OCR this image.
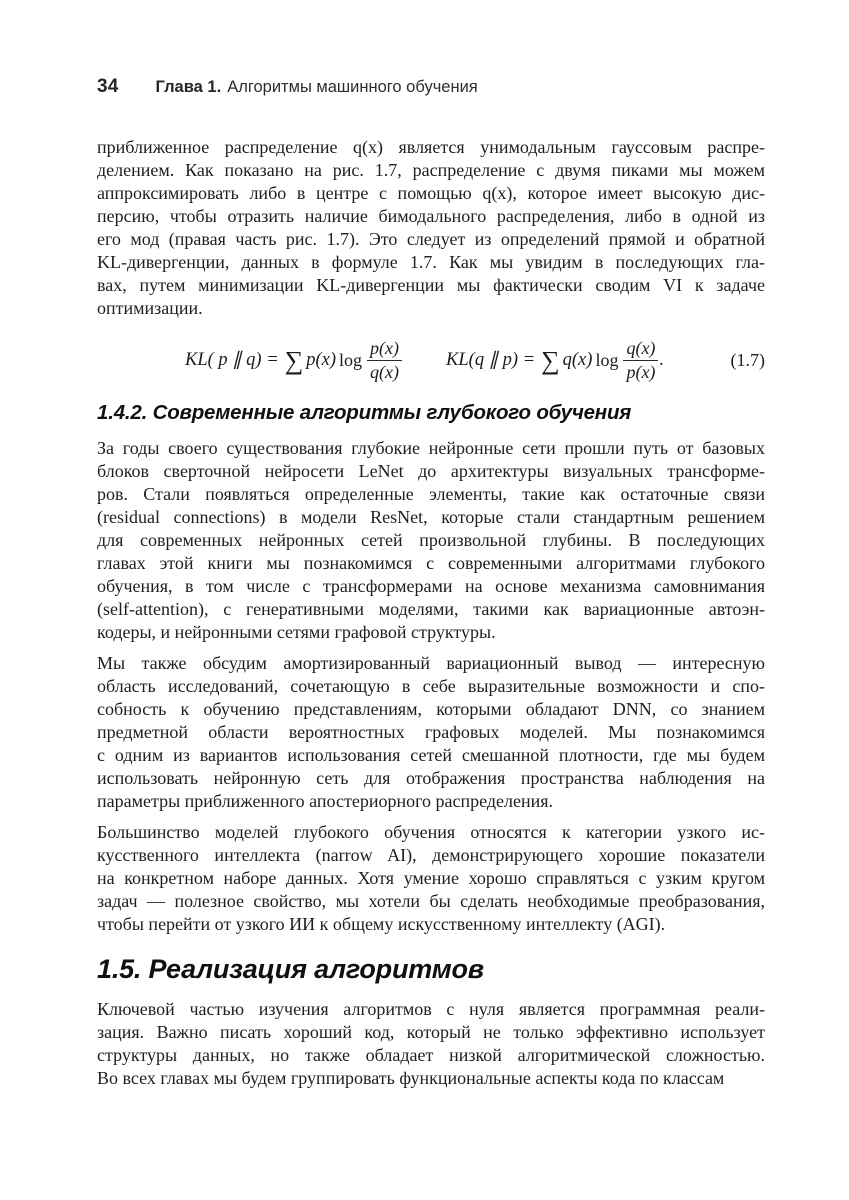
34 Глава 1. Алгоритмы машинного обучения
приближенное распределение q(x) является унимодальным гауссовым распре-
делением. Как показано на рис. 1.7, распределение с двумя пиками мы можем
аппроксимировать либо в центре с помощью q(x), которое имеет высокую дис-
персию, чтобы отразить наличие бимодального распределения, либо в одной из
его мод (правая часть рис. 1.7). Это следует из определений прямой и обратной
KL-дивергенции, данных в формуле 1.7. Как мы увидим в последующих гла-
вах, путем минимизации KL-дивергенции мы фактически сводим VI к задаче
оптимизации.
KL( p ∥ q) = ∑ p(x) $\log \frac{p(x)}{q(x)} KL(q$ ∥ p) = ∑ q(x) $\log \frac{q(x)}{p(x)}$ .	(1.7)
1.4.2. Современные алгоритмы глубокого обучения
За годы своего существования глубокие нейронные сети прошли путь от базовых
блоков сверточной нейросети LeNet до архитектуры визуальных трансформе-
ров. Стали появляться определенные элементы, такие как остаточные связи
(residual connections) в модели ResNet, которые стали стандартным решением
для современных нейронных сетей произвольной глубины. В последующих
главах этой книги мы познакомимся с современными алгоритмами глубокого
обучения, в том числе с трансформерами на основе механизма самовнимания
(self-attention), с генеративными моделями, такими как вариационные автоэн-
кодеры, и нейронными сетями графовой структуры.
Мы также обсудим амортизированный вариационный вывод — интересную
область исследований, сочетающую в себе выразительные возможности и спо-
собность к обучению представлениям, которыми обладают DNN, со знанием
предметной области вероятностных графовых моделей. Мы познакомимся
с одним из вариантов использования сетей смешанной плотности, где мы будем
использовать нейронную сеть для отображения пространства наблюдения на
параметры приближенного апостериорного распределения.
Большинство моделей глубокого обучения относятся к категории узкого ис-
кусственного интеллекта (narrow AI), демонстрирующего хорошие показатели
на конкретном наборе данных. Хотя умение хорошо справляться с узким кругом
задач — полезное свойство, мы хотели бы сделать необходимые преобразования,
чтобы перейти от узкого ИИ к общему искусственному интеллекту (AGI).
1.5. Реализация алгоритмов
Ключевой частью изучения алгоритмов с нуля является программная реали-
зация. Важно писать хороший код, который не только эффективно использует
структуры данных, но также обладает низкой алгоритмической сложностью.
Во всех главах мы будем группировать функциональные аспекты кода по классам
